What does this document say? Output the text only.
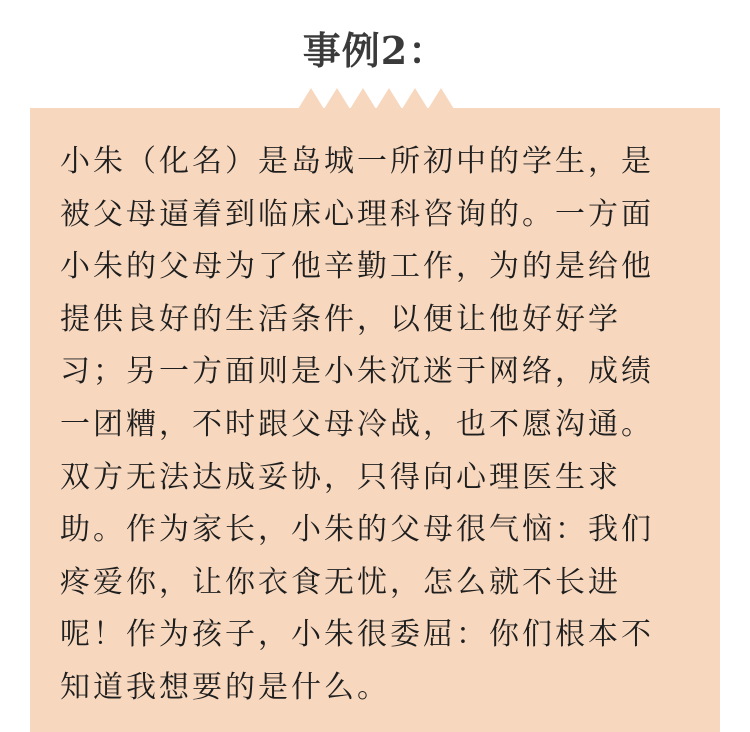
事例2：

小朱（化名）是岛城一所初中的学生，是
被父母逼着到临床心理科咨询的。一方面
小朱的父母为了他辛勤工作，为的是给他
提供良好的生活条件，以便让他好好学
习；另一方面则是小朱沉迷于网络，成绩
一团糟，不时跟父母冷战，也不愿沟通。
双方无法达成妥协，只得向心理医生求
助。作为家长，小朱的父母很气恼：我们
疼爱你，让你衣食无忧，怎么就不长进
呢！作为孩子，小朱很委屈：你们根本不
知道我想要的是什么。
